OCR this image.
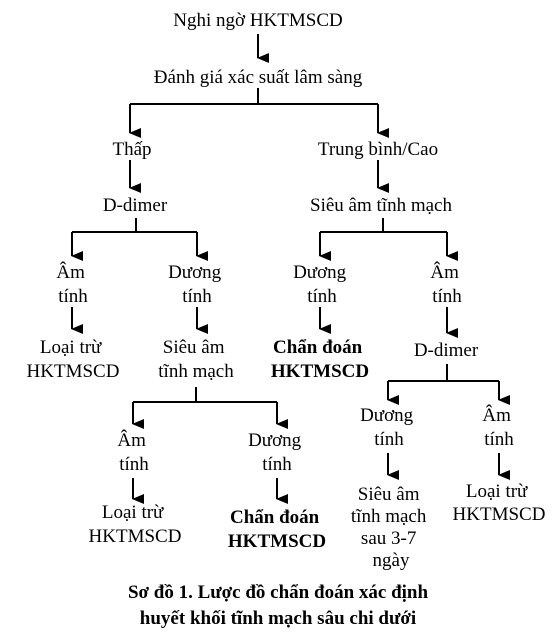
Nghi ngờ HKTMSCD
Đánh giá xác suất lâm sàng
Thấp	Trung bình/Cao
D-dimer	Siêu âm tĩnh mạch
Âm tính
Dương tính
Dương tính
Âm tính
Loại trừ HKTMSCD
Siêu âm tĩnh mạch
Chẩn đoán HKTMSCD
D-dimer
Âm tính
Dương tính
Dương tính
Âm tính
Loại trừ HKTMSCD
Chẩn đoán HKTMSCD
Siêu âm tĩnh mạch sau 3-7 ngày
Loại trừ HKTMSCD
Sơ đồ 1. Lược đồ chẩn đoán xác định
huyết khối tĩnh mạch sâu chi dưới
